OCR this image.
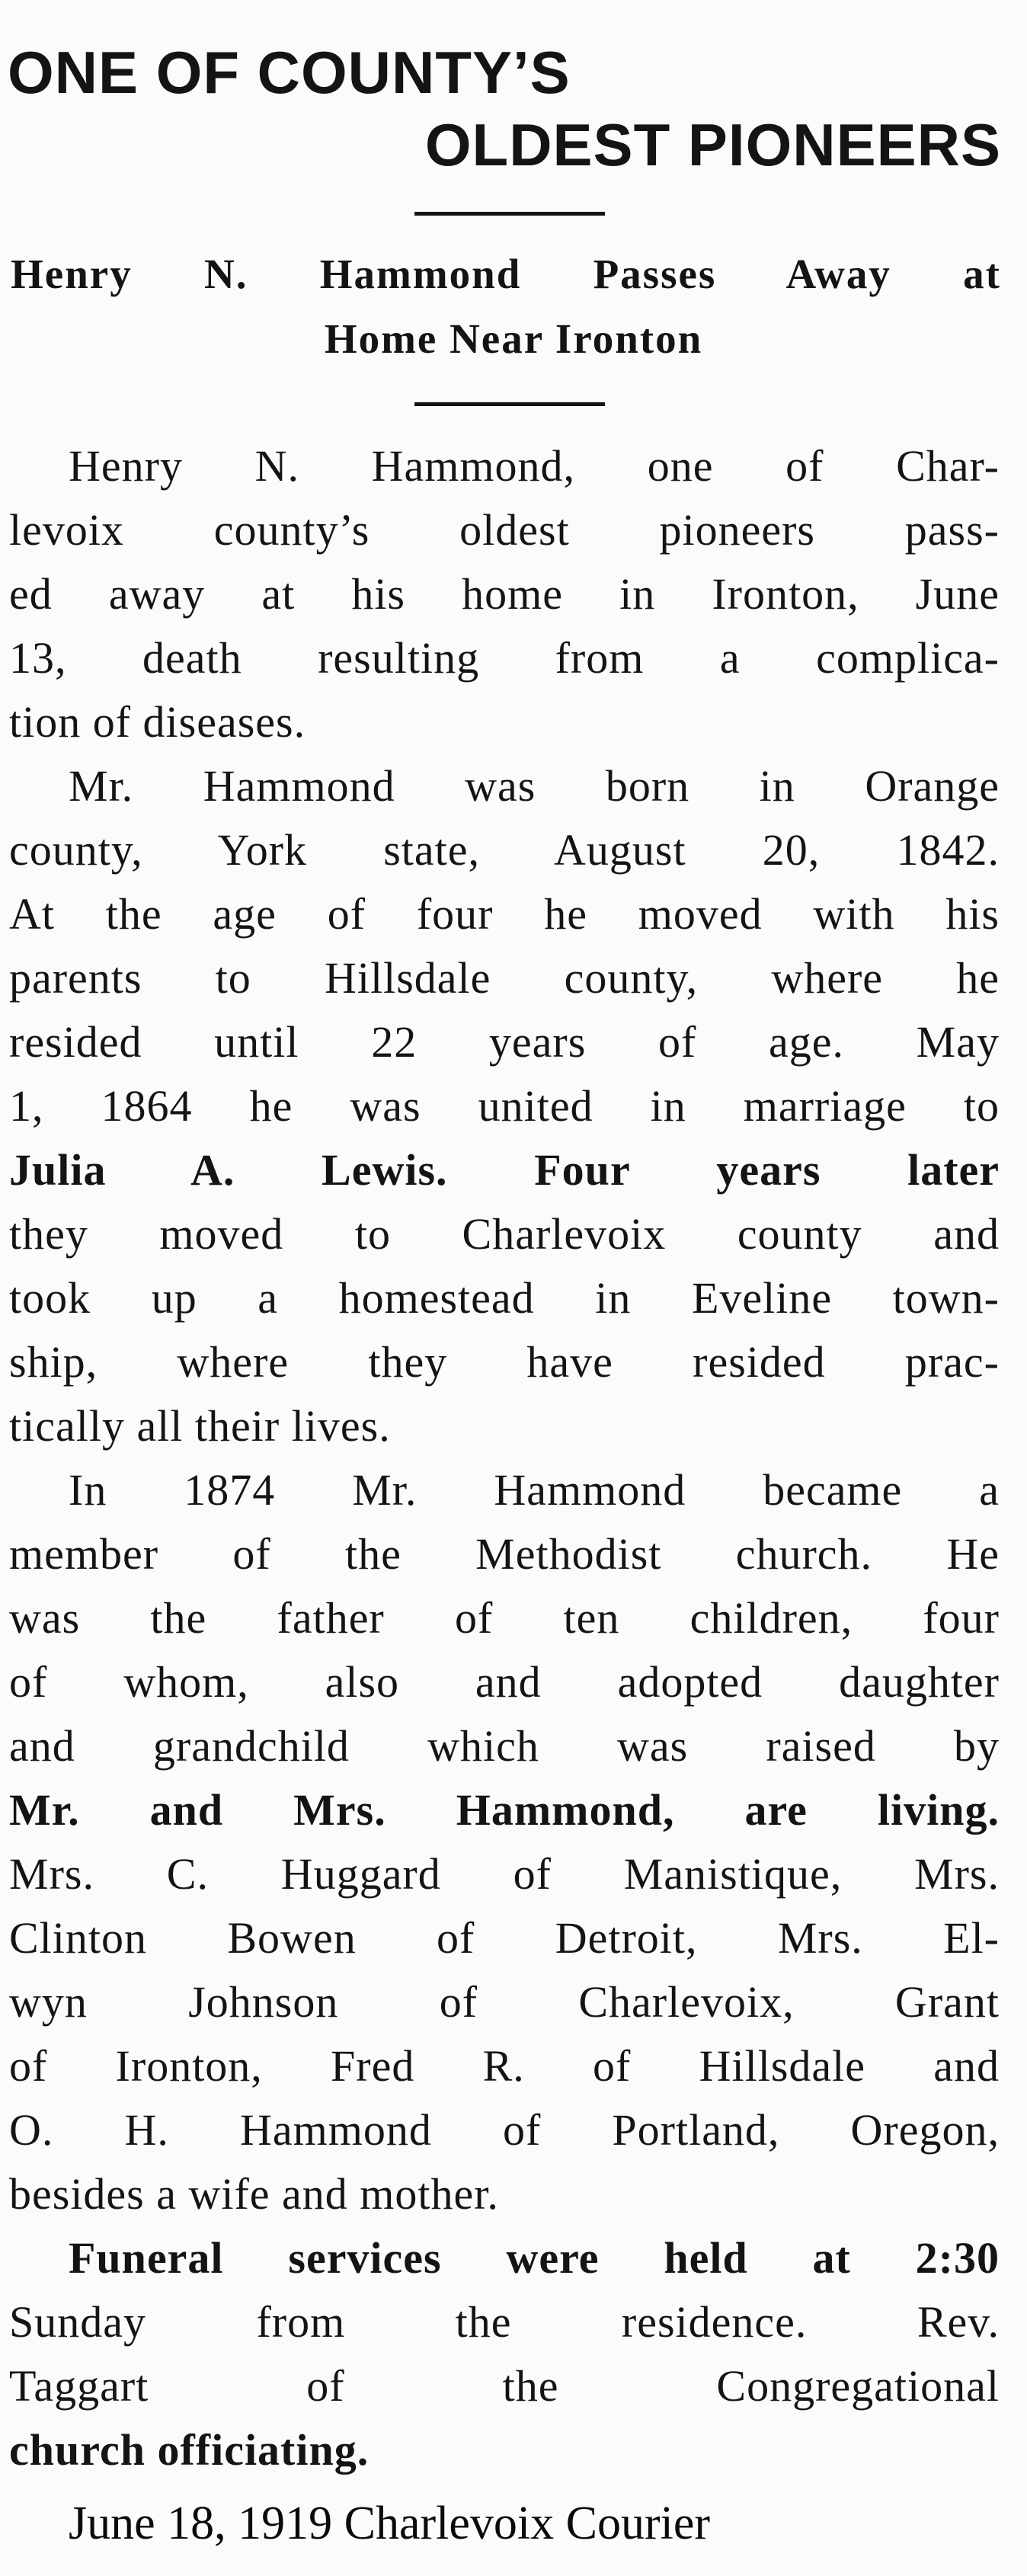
ONE OF COUNTY’S
OLDEST PIONEERS
Henry N. Hammond Passes Away at
Home Near Ironton
Henry N. Hammond, one of Char-
levoix county’s oldest pioneers pass-
ed away at his home in Ironton, June
13, death resulting from a complica-
tion of diseases.
Mr. Hammond was born in Orange
county, York state, August 20, 1842.
At the age of four he moved with his
parents to Hillsdale county, where he
resided until 22 years of age. May
1, 1864 he was united in marriage to
Julia A. Lewis. Four years later
they moved to Charlevoix county and
took up a homestead in Eveline town-
ship, where they have resided prac-
tically all their lives.
In 1874 Mr. Hammond became a
member of the Methodist church. He
was the father of ten children, four
of whom, also and adopted daughter
and grandchild which was raised by
Mr. and Mrs. Hammond, are living.
Mrs. C. Huggard of Manistique, Mrs.
Clinton Bowen of Detroit, Mrs. El-
wyn Johnson of Charlevoix, Grant
of Ironton, Fred R. of Hillsdale and
O. H. Hammond of Portland, Oregon,
besides a wife and mother.
Funeral services were held at 2:30
Sunday from the residence. Rev.
Taggart of the Congregational
church officiating.
June 18, 1919 Charlevoix Courier
